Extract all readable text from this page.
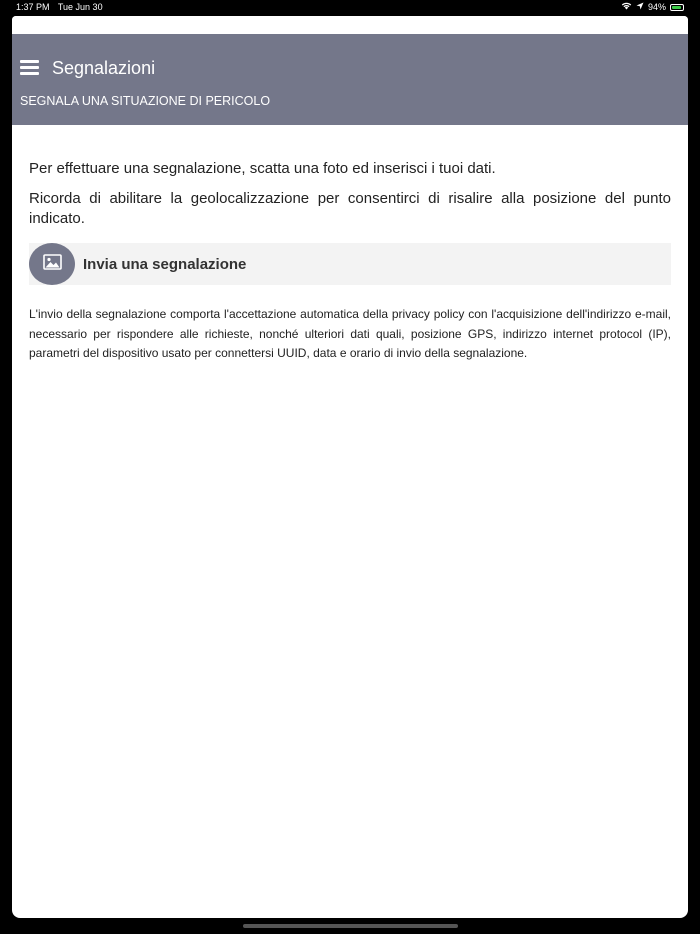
1:37 PM Tue Jun 30	94%
Segnalazioni
SEGNALA UNA SITUAZIONE DI PERICOLO

Per effettuare una segnalazione, scatta una foto ed inserisci i tuoi dati.

Ricorda di abilitare la geolocalizzazione per consentirci di risalire alla posizione del punto indicato.

Invia una segnalazione

L'invio della segnalazione comporta l'accettazione automatica della privacy policy con l'acquisizione dell'indirizzo e-mail, necessario per rispondere alle richieste, nonché ulteriori dati quali, posizione GPS, indirizzo internet protocol (IP), parametri del dispositivo usato per connettersi UUID, data e orario di invio della segnalazione.
